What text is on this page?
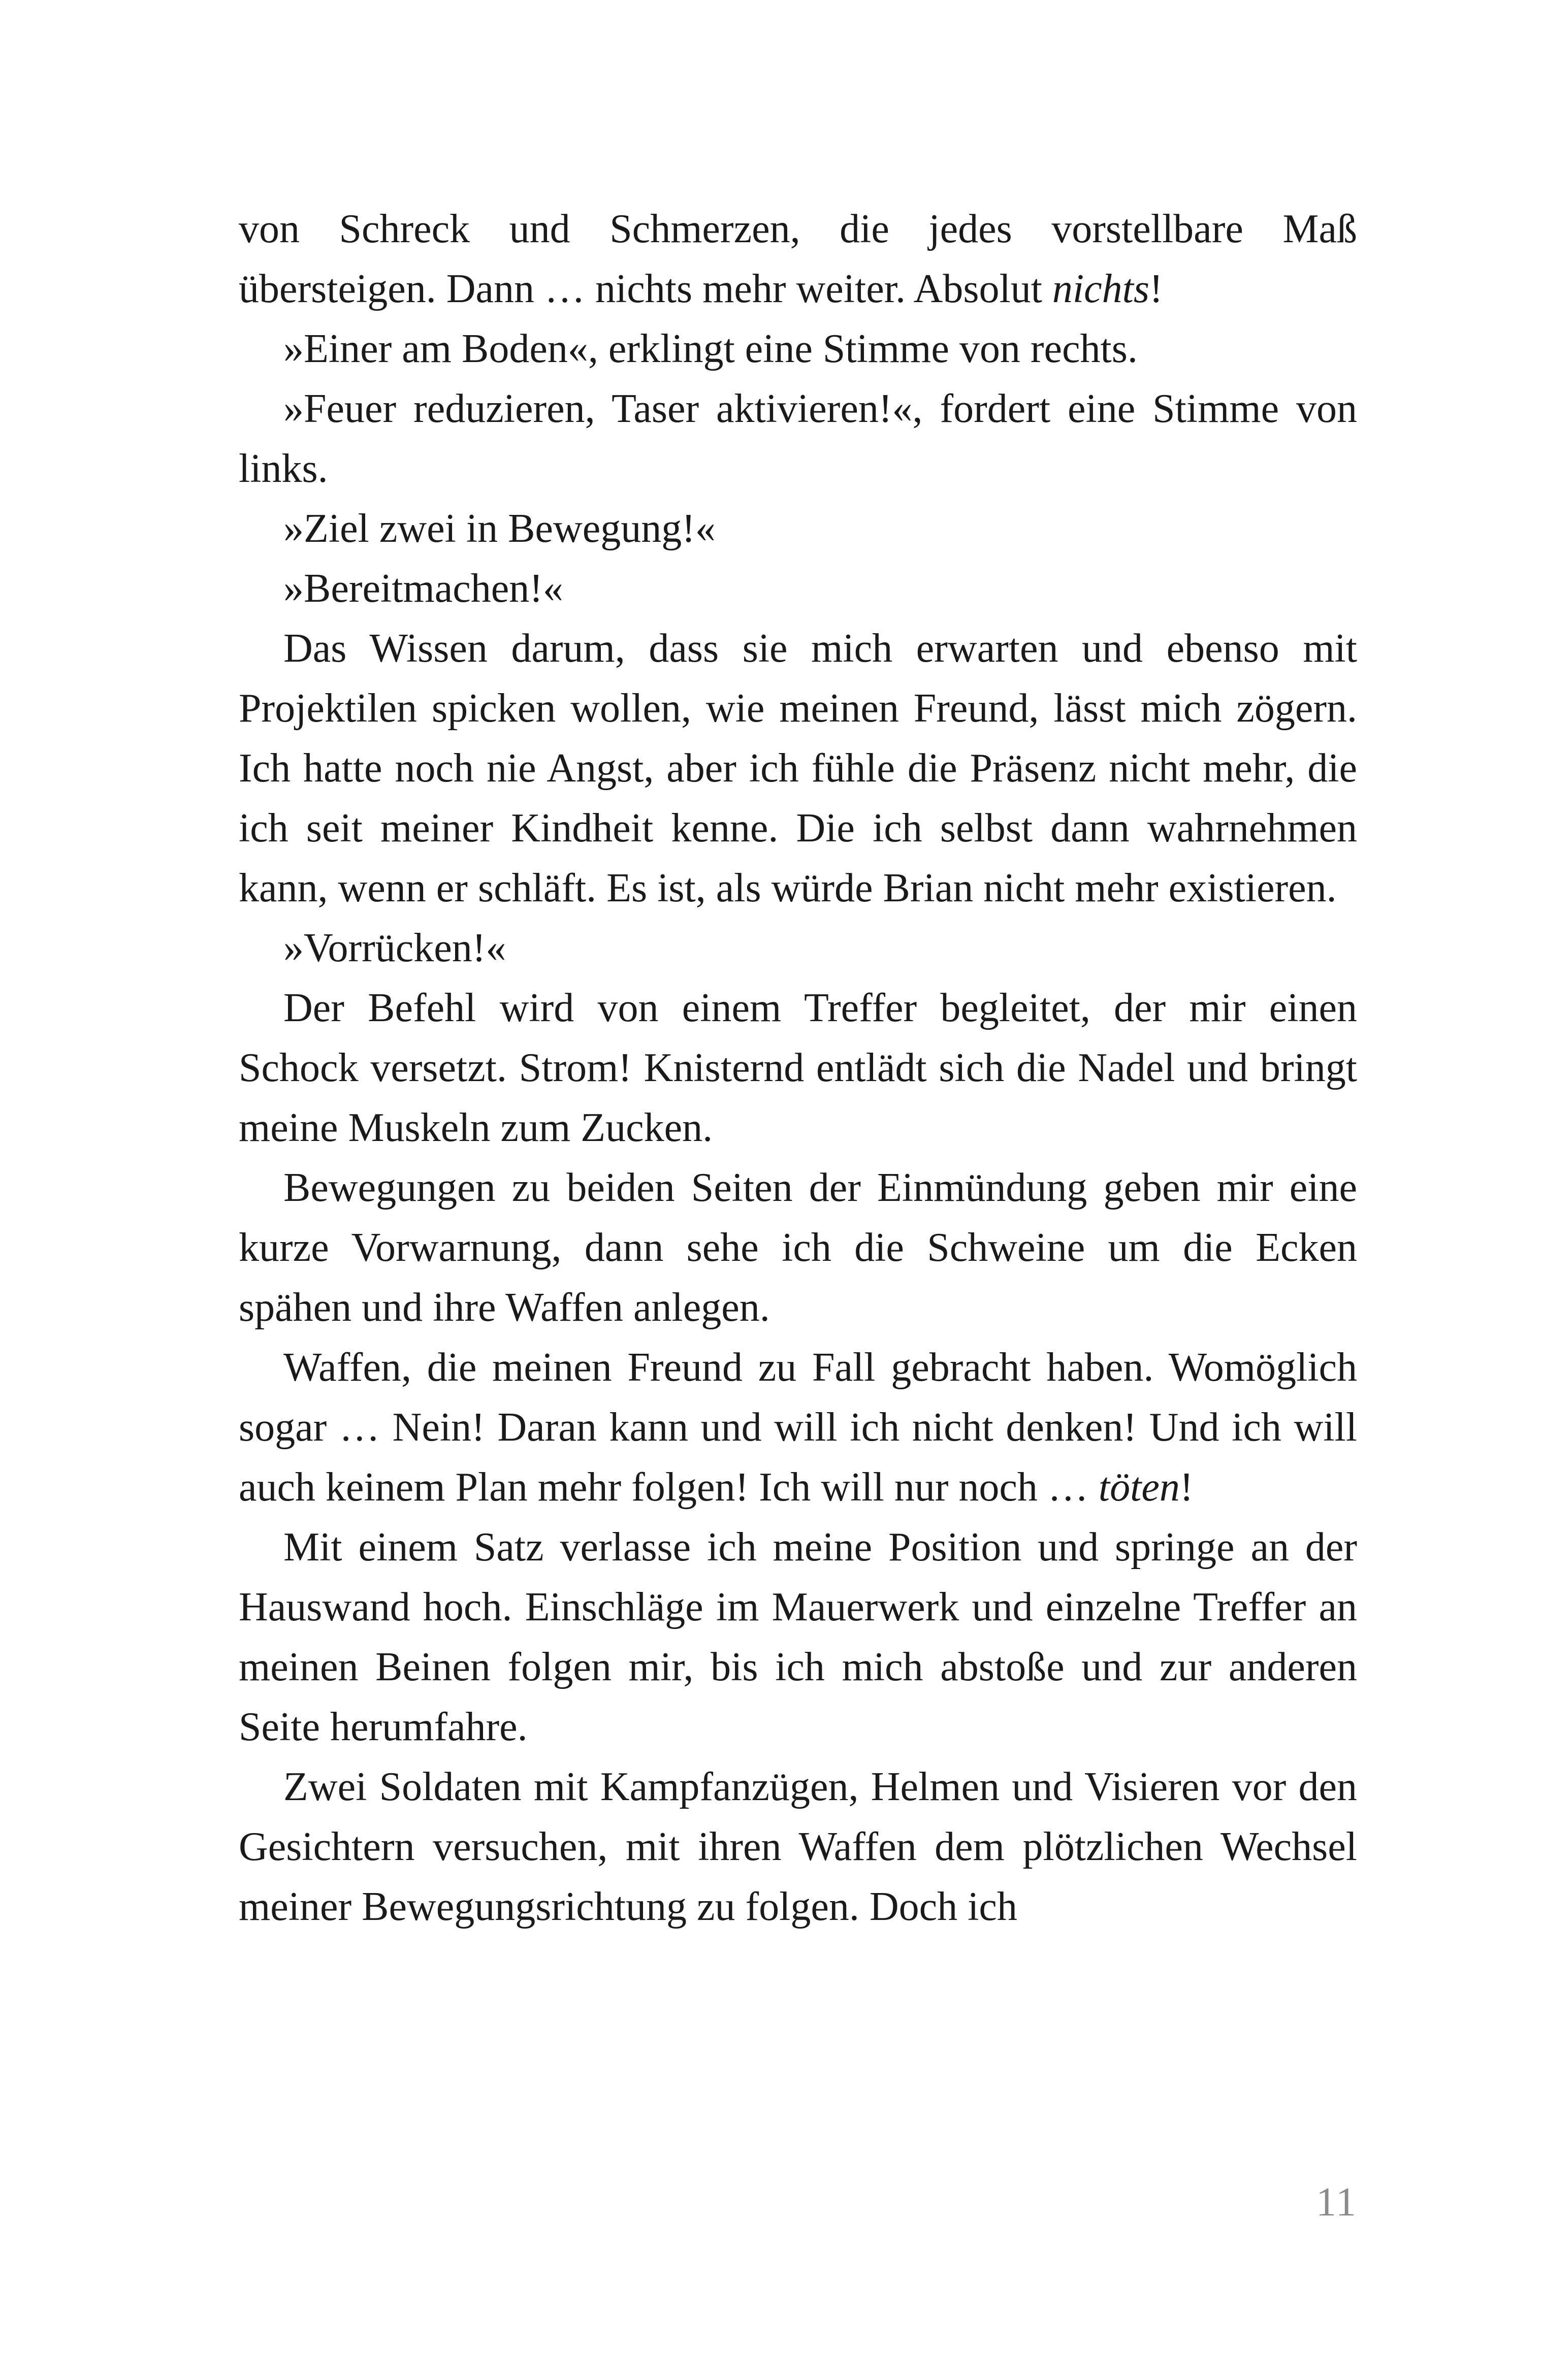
von Schreck und Schmerzen, die jedes vorstellbare Maß übersteigen. Dann … nichts mehr weiter. Absolut nichts!

»Einer am Boden«, erklingt eine Stimme von rechts.

»Feuer reduzieren, Taser aktivieren!«, fordert eine Stimme von links.

»Ziel zwei in Bewegung!«

»Bereitmachen!«

Das Wissen darum, dass sie mich erwarten und ebenso mit Projektilen spicken wollen, wie meinen Freund, lässt mich zögern. Ich hatte noch nie Angst, aber ich fühle die Präsenz nicht mehr, die ich seit meiner Kindheit kenne. Die ich selbst dann wahrnehmen kann, wenn er schläft. Es ist, als würde Brian nicht mehr existieren.

»Vorrücken!«

Der Befehl wird von einem Treffer begleitet, der mir einen Schock versetzt. Strom! Knisternd entlädt sich die Nadel und bringt meine Muskeln zum Zucken.

Bewegungen zu beiden Seiten der Einmündung geben mir eine kurze Vorwarnung, dann sehe ich die Schweine um die Ecken spähen und ihre Waffen anlegen.

Waffen, die meinen Freund zu Fall gebracht haben. Womöglich sogar … Nein! Daran kann und will ich nicht denken! Und ich will auch keinem Plan mehr folgen! Ich will nur noch … töten!

Mit einem Satz verlasse ich meine Position und springe an der Hauswand hoch. Einschläge im Mauerwerk und einzelne Treffer an meinen Beinen folgen mir, bis ich mich abstoße und zur anderen Seite herumfahre.

Zwei Soldaten mit Kampfanzügen, Helmen und Visieren vor den Gesichtern versuchen, mit ihren Waffen dem plötzlichen Wechsel meiner Bewegungsrichtung zu folgen. Doch ich

11
